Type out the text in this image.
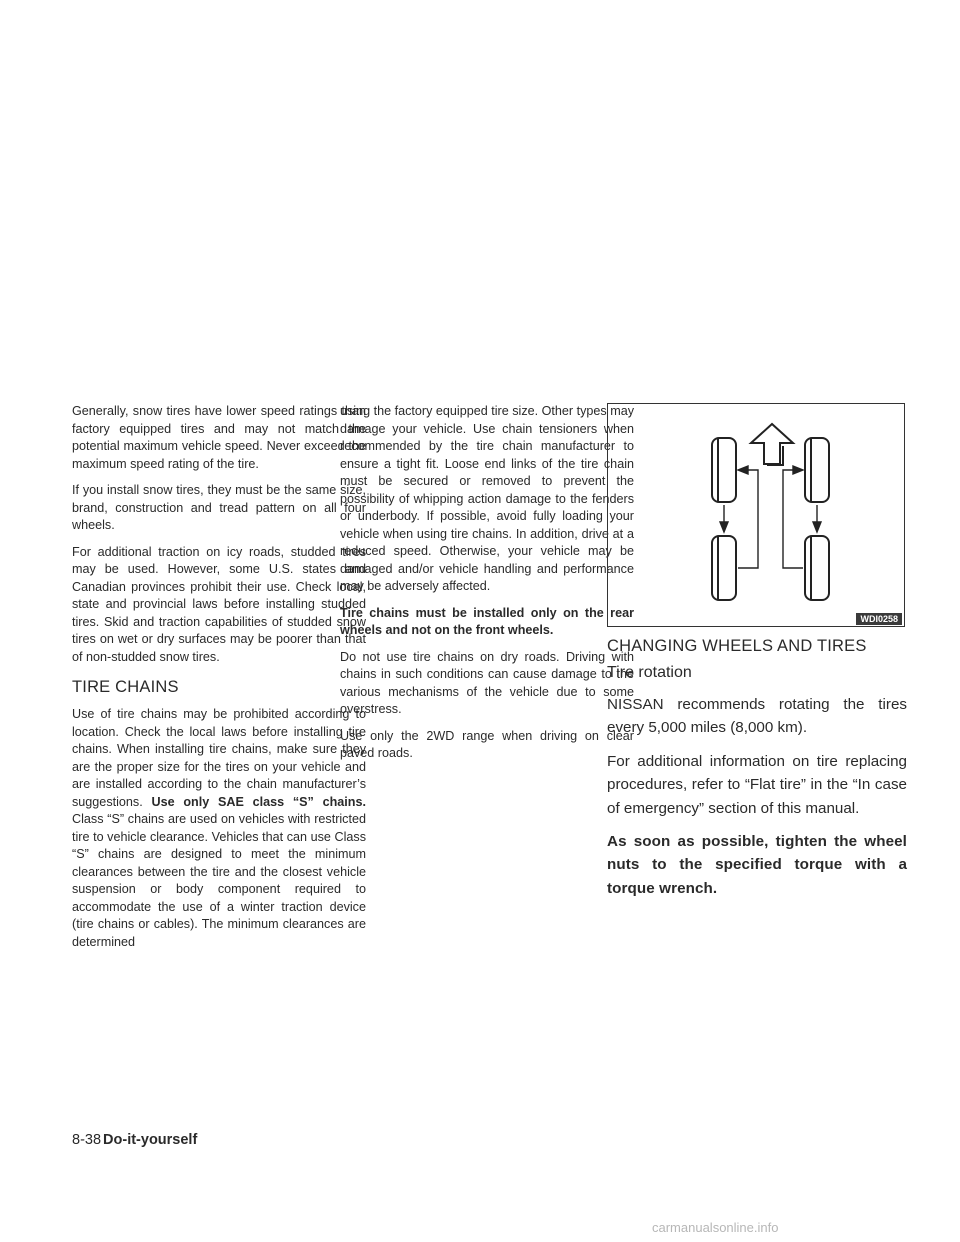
Generally, snow tires have lower speed ratings than factory equipped tires and may not match the potential maximum vehicle speed. Never exceed the maximum speed rating of the tire.

If you install snow tires, they must be the same size, brand, construction and tread pattern on all four wheels.

For additional traction on icy roads, studded tires may be used. However, some U.S. states and Canadian provinces prohibit their use. Check local, state and provincial laws before installing studded tires. Skid and traction capabilities of studded snow tires on wet or dry surfaces may be poorer than that of non-studded snow tires.

TIRE CHAINS

Use of tire chains may be prohibited according to location. Check the local laws before installing tire chains. When installing tire chains, make sure they are the proper size for the tires on your vehicle and are installed according to the chain manufacturer’s suggestions. Use only SAE class “S” chains. Class “S” chains are used on vehicles with restricted tire to vehicle clearance. Vehicles that can use Class “S” chains are designed to meet the minimum clearances between the tire and the closest vehicle suspension or body component required to accommodate the use of a winter traction device (tire chains or cables). The minimum clearances are determined

using the factory equipped tire size. Other types may damage your vehicle. Use chain tensioners when recommended by the tire chain manufacturer to ensure a tight fit. Loose end links of the tire chain must be secured or removed to prevent the possibility of whipping action damage to the fenders or underbody. If possible, avoid fully loading your vehicle when using tire chains. In addition, drive at a reduced speed. Otherwise, your vehicle may be damaged and/or vehicle handling and performance may be adversely affected.

Tire chains must be installed only on the rear wheels and not on the front wheels.

Do not use tire chains on dry roads. Driving with chains in such conditions can cause damage to the various mechanisms of the vehicle due to some overstress.

Use only the 2WD range when driving on clear paved roads.

WDI0258
CHANGING WHEELS AND TIRES
Tire rotation

NISSAN recommends rotating the tires every 5,000 miles (8,000 km).

For additional information on tire replacing procedures, refer to “Flat tire” in the “In case of emergency” section of this manual.

As soon as possible, tighten the wheel nuts to the specified torque with a torque wrench.

8-38 Do-it-yourself
carmanualsonline.info
